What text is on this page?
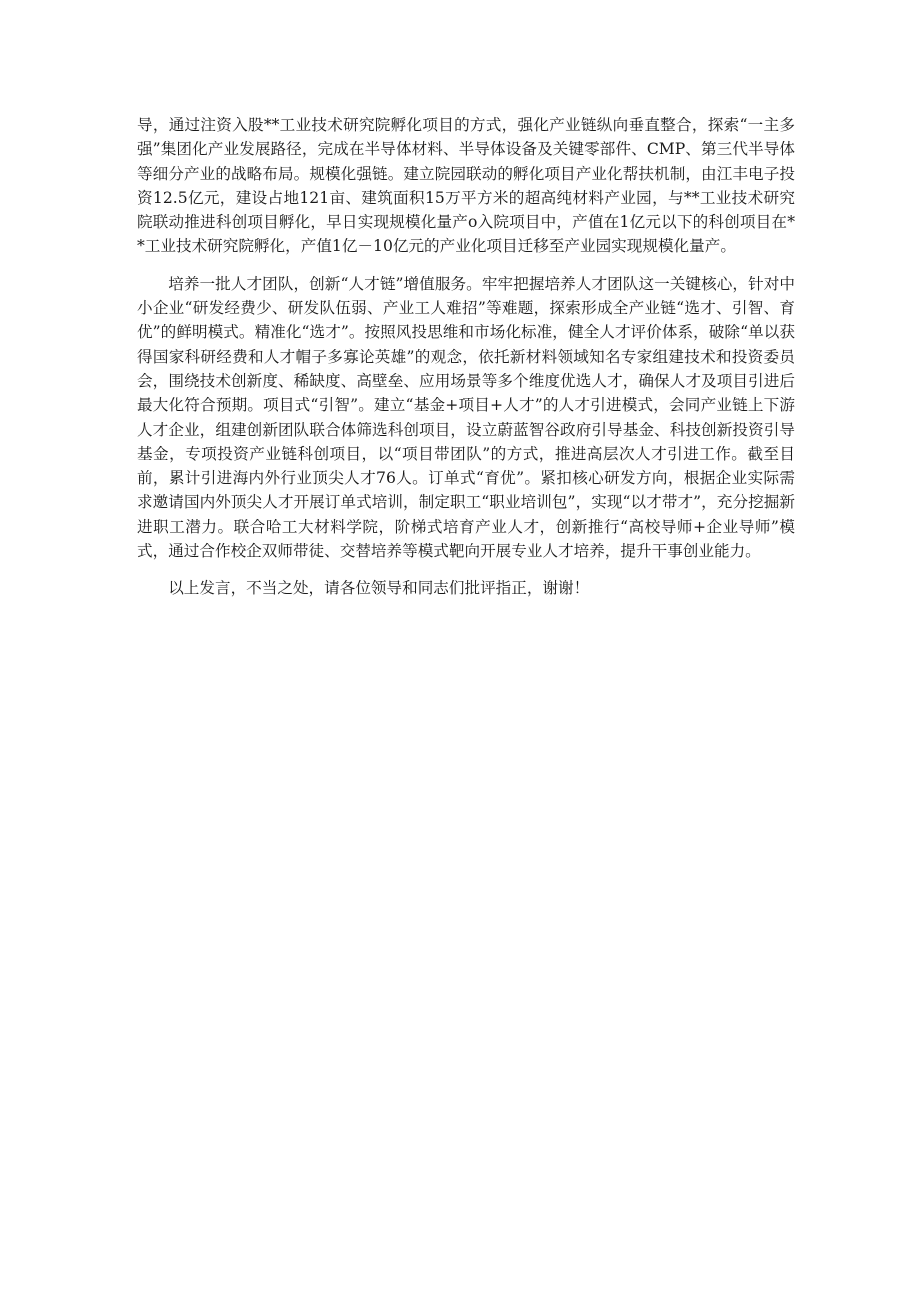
导，通过注资入股**工业技术研究院孵化项目的方式，强化产业链纵向垂直整合，探索“一主多强”集团化产业发展路径，完成在半导体材料、半导体设备及关键零部件、CMP、第三代半导体等细分产业的战略布局。规模化强链。建立院园联动的孵化项目产业化帮扶机制，由江丰电子投资12.5亿元，建设占地121亩、建筑面积15万平方米的超高纯材料产业园，与**工业技术研究院联动推进科创项目孵化，早日实现规模化量产o入院项目中，产值在1亿元以下的科创项目在**工业技术研究院孵化，产值1亿－10亿元的产业化项目迁移至产业园实现规模化量产。

培养一批人才团队，创新“人才链”增值服务。牢牢把握培养人才团队这一关键核心，针对中小企业“研发经费少、研发队伍弱、产业工人难招”等难题，探索形成全产业链“选才、引智、育优”的鲜明模式。精准化“选才”。按照风投思维和市场化标准，健全人才评价体系，破除“单以获得国家科研经费和人才帽子多寡论英雄”的观念，依托新材料领域知名专家组建技术和投资委员会，围绕技术创新度、稀缺度、高壁垒、应用场景等多个维度优选人才，确保人才及项目引进后最大化符合预期。项目式“引智”。建立“基金+项目+人才”的人才引进模式，会同产业链上下游人才企业，组建创新团队联合体筛选科创项目，设立蔚蓝智谷政府引导基金、科技创新投资引导基金，专项投资产业链科创项目，以“项目带团队”的方式，推进高层次人才引进工作。截至目前，累计引进海内外行业顶尖人才76人。订单式“育优”。紧扣核心研发方向，根据企业实际需求邀请国内外顶尖人才开展订单式培训，制定职工“职业培训包”，实现“以才带才”，充分挖掘新进职工潜力。联合哈工大材料学院，阶梯式培育产业人才，创新推行“高校导师+企业导师”模式，通过合作校企双师带徒、交替培养等模式靶向开展专业人才培养，提升干事创业能力。

以上发言，不当之处，请各位领导和同志们批评指正，谢谢！
